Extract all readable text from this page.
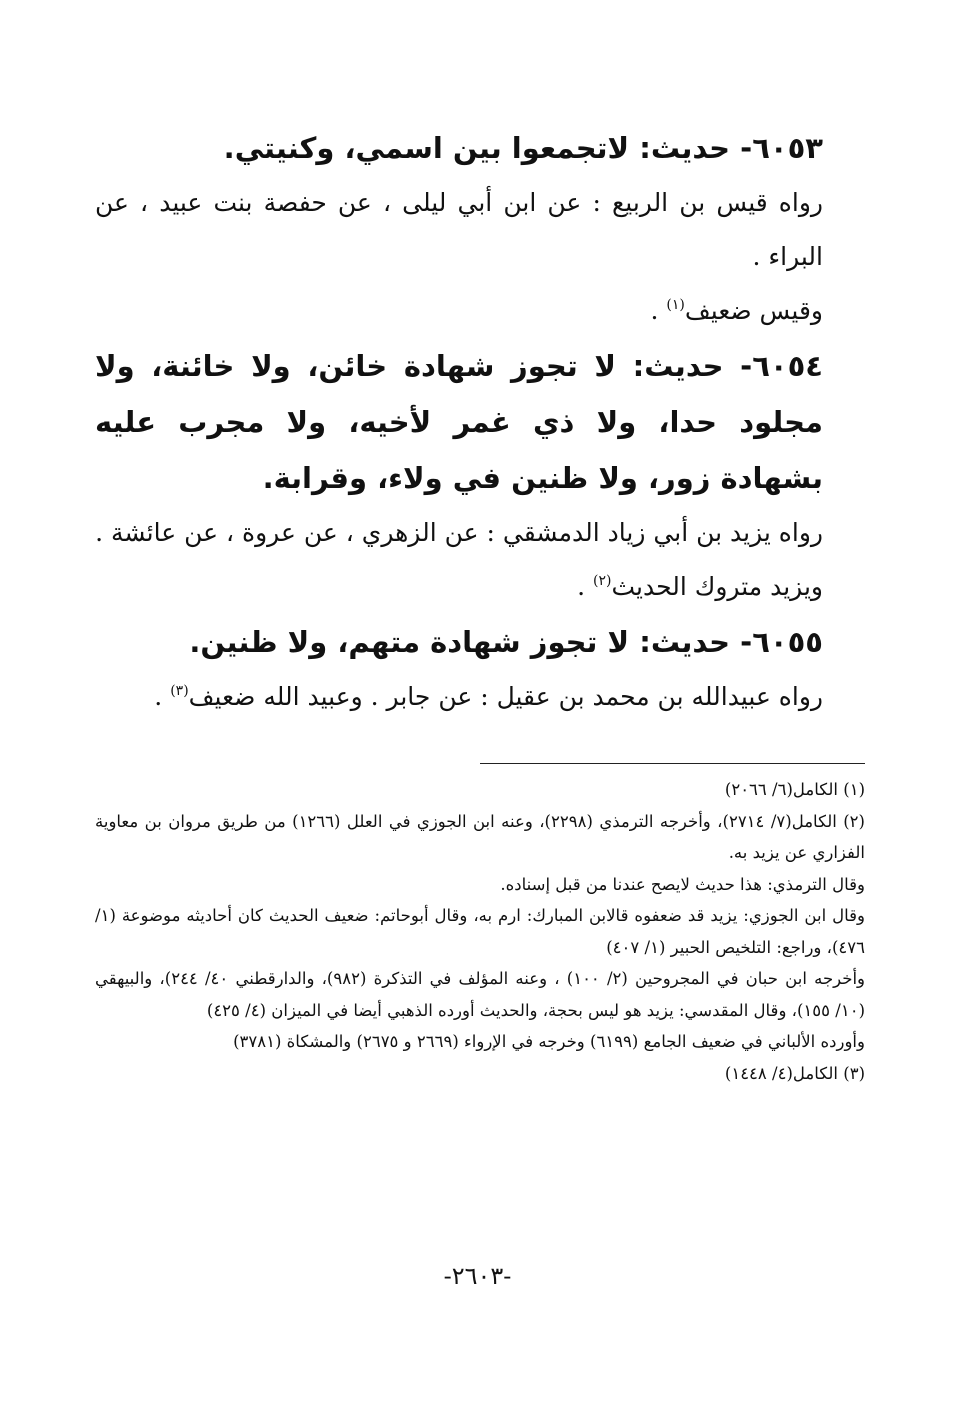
٦٠٥٣- حديث: لاتجمعوا بين اسمي، وكنيتي.

رواه قيس بن الربيع : عن ابن أبي ليلى ، عن حفصة بنت عبيد ، عن البراء .

وقيس ضعيف$^{(١)}$ .

٦٠٥٤- حديث: لا تجوز شهادة خائن، ولا خائنة، ولا مجلود حدا، ولا ذي غمر لأخيه، ولا مجرب عليه بشهادة زور، ولا ظنين في ولاء، وقرابة.

رواه يزيد بن أبي زياد الدمشقي : عن الزهري ، عن عروة ، عن عائشة .

ويزيد متروك الحديث$^{(٢)}$ .

٦٠٥٥- حديث: لا تجوز شهادة متهم، ولا ظنين.

رواه عبيدالله بن محمد بن عقيل : عن جابر . وعبيد الله ضعيف$^{(٣)}$ .

(١) الكامل(٦/ ٢٠٦٦)

(٢) الكامل(٧/ ٢٧١٤)، وأخرجه الترمذي (٢٢٩٨)، وعنه ابن الجوزي في العلل (١٢٦٦) من طريق مروان بن معاوية الفزاري عن يزيد به.

وقال الترمذي: هذا حديث لايصح عندنا من قبل إسناده.

وقال ابن الجوزي: يزيد قد ضعفوه قالابن المبارك: ارم به، وقال أبوحاتم: ضعيف الحديث كان أحاديثه موضوعة (١/ ٤٧٦)، وراجع: التلخيص الحبير (١/ ٤٠٧)

وأخرجه ابن حبان في المجروحين (٢/ ١٠٠) ، وعنه المؤلف في التذكرة (٩٨٢)، والدارقطني ٤٠/ ٢٤٤)، والبيهقي (١٠/ ١٥٥)، وقال المقدسي: يزيد هو ليس بحجة، والحديث أورده الذهبي أيضا في الميزان (٤/ ٤٢٥)

وأورده الألباني في ضعيف الجامع (٦١٩٩) وخرجه في الإرواء (٢٦٦٩ و ٢٦٧٥) والمشكاة (٣٧٨١)

(٣) الكامل(٤/ ١٤٤٨)

-٢٦٠٣-
